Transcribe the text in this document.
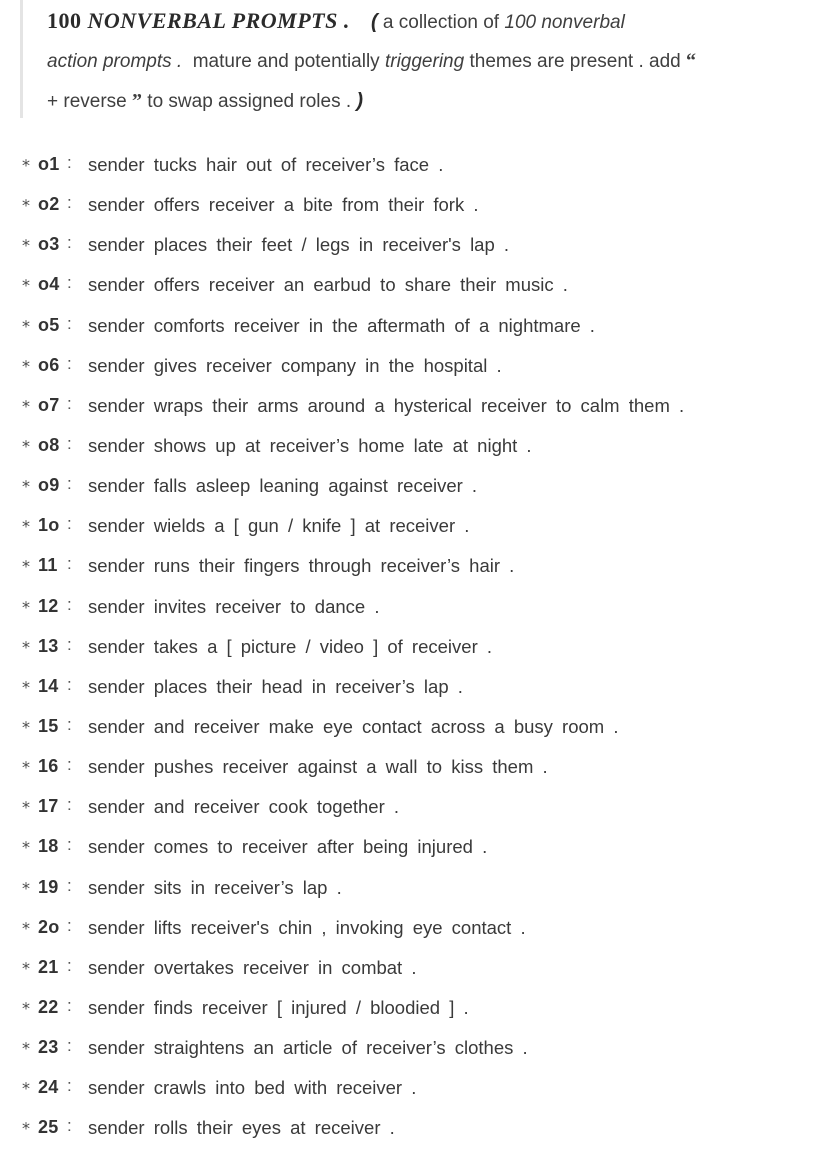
100 NONVERBAL PROMPTS . ( a collection of 100 nonverbal
action prompts . mature and potentially triggering themes are present . add “
+ reverse ” to swap assigned roles . )
⁎ o1 : sender tucks hair out of receiver’s face .
⁎ o2 : sender offers receiver a bite from their fork .
⁎ o3 : sender places their feet / legs in receiver's lap .
⁎ o4 : sender offers receiver an earbud to share their music .
⁎ o5 : sender comforts receiver in the aftermath of a nightmare .
⁎ o6 : sender gives receiver company in the hospital .
⁎ o7 : sender wraps their arms around a hysterical receiver to calm them .
⁎ o8 : sender shows up at receiver’s home late at night .
⁎ o9 : sender falls asleep leaning against receiver .
⁎ 1o : sender wields a [ gun / knife ] at receiver .
⁎ 11 : sender runs their fingers through receiver’s hair .
⁎ 12 : sender invites receiver to dance .
⁎ 13 : sender takes a [ picture / video ] of receiver .
⁎ 14 : sender places their head in receiver’s lap .
⁎ 15 : sender and receiver make eye contact across a busy room .
⁎ 16 : sender pushes receiver against a wall to kiss them .
⁎ 17 : sender and receiver cook together .
⁎ 18 : sender comes to receiver after being injured .
⁎ 19 : sender sits in receiver’s lap .
⁎ 2o : sender lifts receiver's chin , invoking eye contact .
⁎ 21 : sender overtakes receiver in combat .
⁎ 22 : sender finds receiver [ injured / bloodied ] .
⁎ 23 : sender straightens an article of receiver’s clothes .
⁎ 24 : sender crawls into bed with receiver .
⁎ 25 : sender rolls their eyes at receiver .
